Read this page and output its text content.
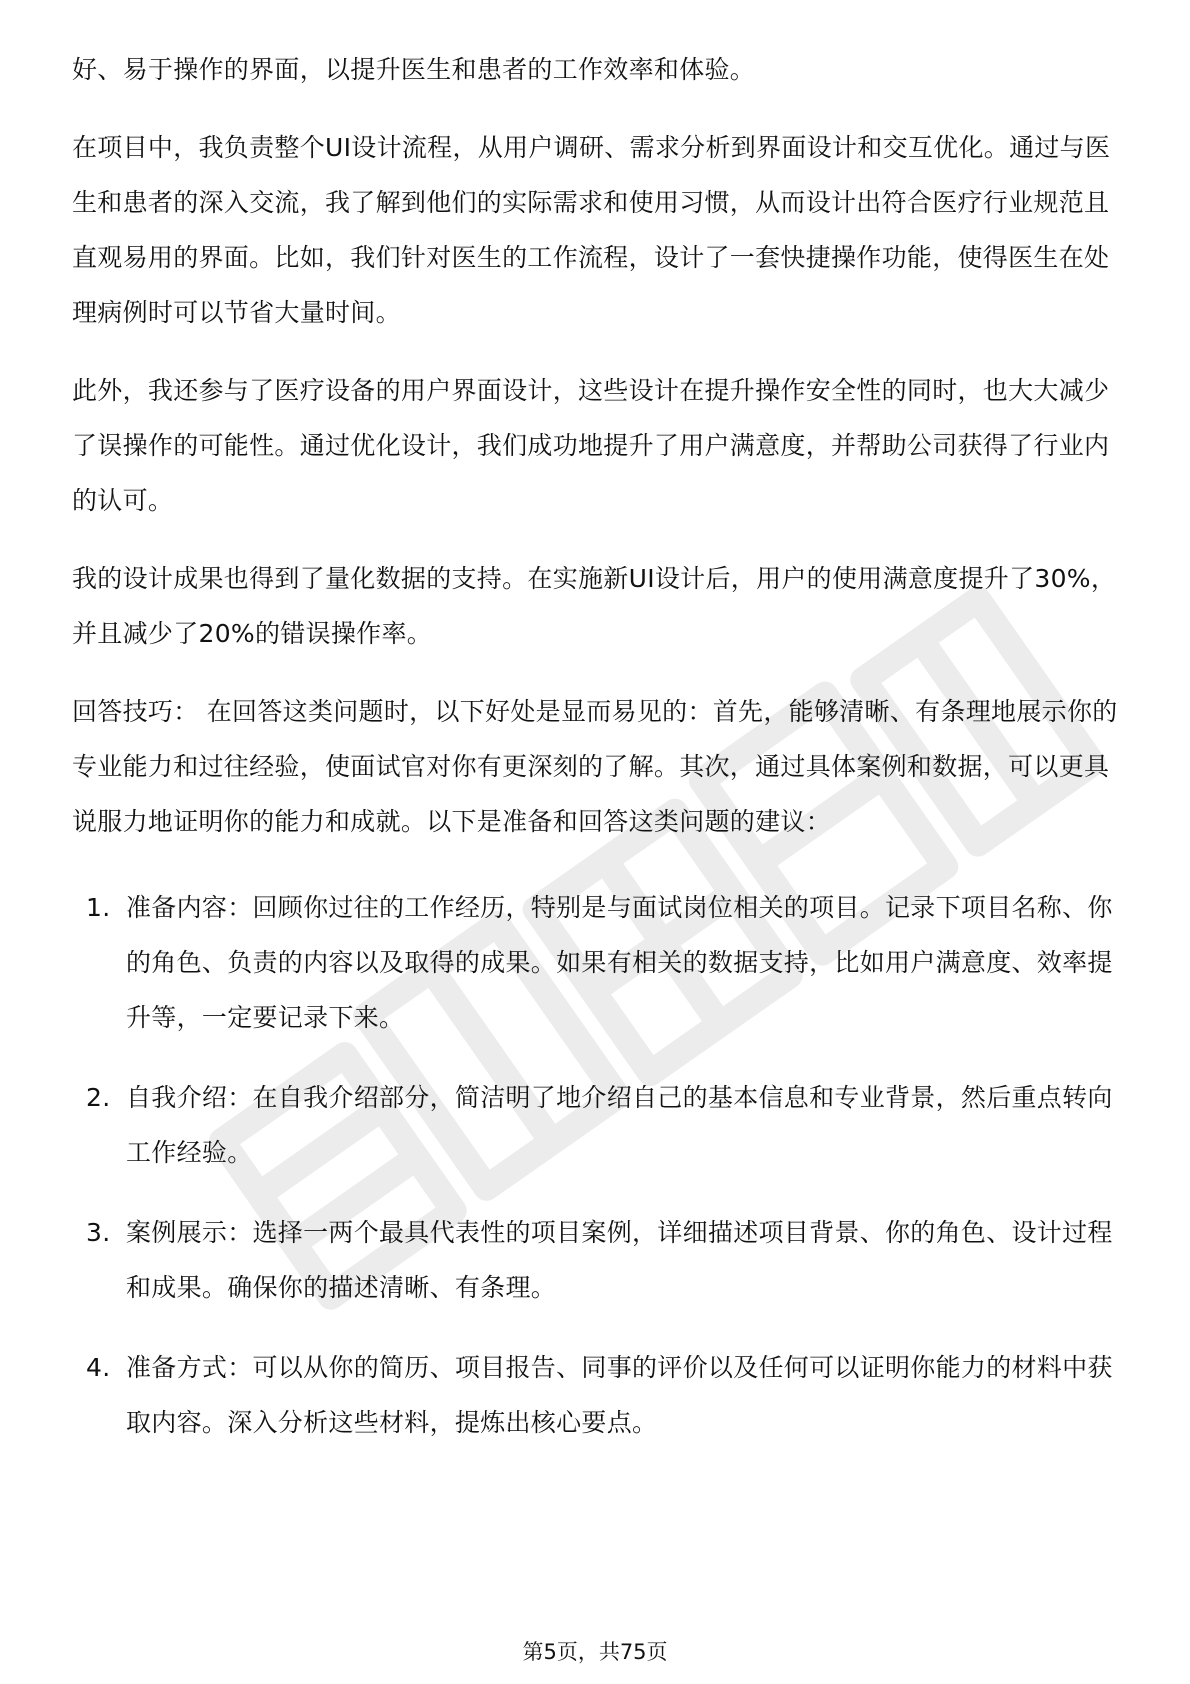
好、易于操作的界面，以提升医生和患者的工作效率和体验。

在项目中，我负责整个UI设计流程，从用户调研、需求分析到界面设计和交互优化。通过与医生和患者的深入交流，我了解到他们的实际需求和使用习惯，从而设计出符合医疗行业规范且直观易用的界面。比如，我们针对医生的工作流程，设计了一套快捷操作功能，使得医生在处理病例时可以节省大量时间。

此外，我还参与了医疗设备的用户界面设计，这些设计在提升操作安全性的同时，也大大减少了误操作的可能性。通过优化设计，我们成功地提升了用户满意度，并帮助公司获得了行业内的认可。

我的设计成果也得到了量化数据的支持。在实施新UI设计后，用户的使用满意度提升了30%，并且减少了20%的错误操作率。

回答技巧： 在回答这类问题时，以下好处是显而易见的：首先，能够清晰、有条理地展示你的专业能力和过往经验，使面试官对你有更深刻的了解。其次，通过具体案例和数据，可以更具说服力地证明你的能力和成就。以下是准备和回答这类问题的建议：

1. 准备内容：回顾你过往的工作经历，特别是与面试岗位相关的项目。记录下项目名称、你的角色、负责的内容以及取得的成果。如果有相关的数据支持，比如用户满意度、效率提升等，一定要记录下来。
2. 自我介绍：在自我介绍部分，简洁明了地介绍自己的基本信息和专业背景，然后重点转向工作经验。
3. 案例展示：选择一两个最具代表性的项目案例，详细描述项目背景、你的角色、设计过程和成果。确保你的描述清晰、有条理。
4. 准备方式：可以从你的简历、项目报告、同事的评价以及任何可以证明你能力的材料中获取内容。深入分析这些材料，提炼出核心要点。
第5页，共75页
